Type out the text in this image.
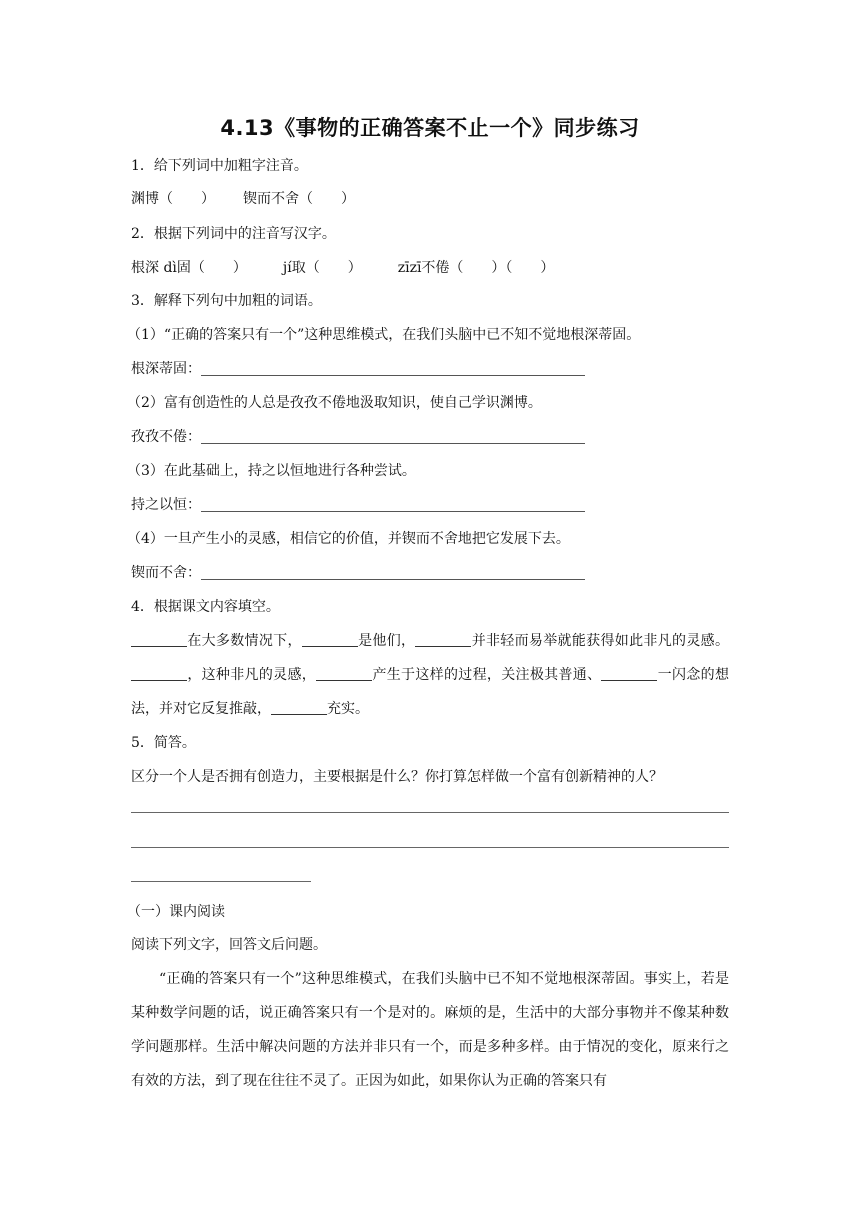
4.13《事物的正确答案不止一个》同步练习
1．给下列词中加粗字注音。
渊博（　　） 锲而不舍（　　）
2．根据下列词中的注音写汉字。
根深 dì固（　　）	jí取（　　）	zīzī不倦（　　）（　　）
3．解释下列句中加粗的词语。
（1）“正确的答案只有一个”这种思维模式，在我们头脑中已不知不觉地根深蒂固。
根深蒂固：
（2）富有创造性的人总是孜孜不倦地汲取知识，使自己学识渊博。
孜孜不倦：
（3）在此基础上，持之以恒地进行各种尝试。
持之以恒：
（4）一旦产生小的灵感，相信它的价值，并锲而不舍地把它发展下去。
锲而不舍：
4．根据课文内容填空。
在大多数情况下，	是他们，	并非轻而易举就能获得如此非凡的灵感。，这种非凡的灵感，	产生于这样的过程，关注极其普通、	一闪念的想法，并对它反复推敲，	充实。
5．简答。
区分一个人是否拥有创造力，主要根据是什么？你打算怎样做一个富有创新精神的人？
（一）课内阅读
阅读下列文字，回答文后问题。
“正确的答案只有一个”这种思维模式，在我们头脑中已不知不觉地根深蒂固。事实上，若是某种数学问题的话，说正确答案只有一个是对的。麻烦的是，生活中的大部分事物并不像某种数学问题那样。生活中解决问题的方法并非只有一个，而是多种多样。由于情况的变化，原来行之有效的方法，到了现在往往不灵了。正因为如此，如果你认为正确的答案只有
